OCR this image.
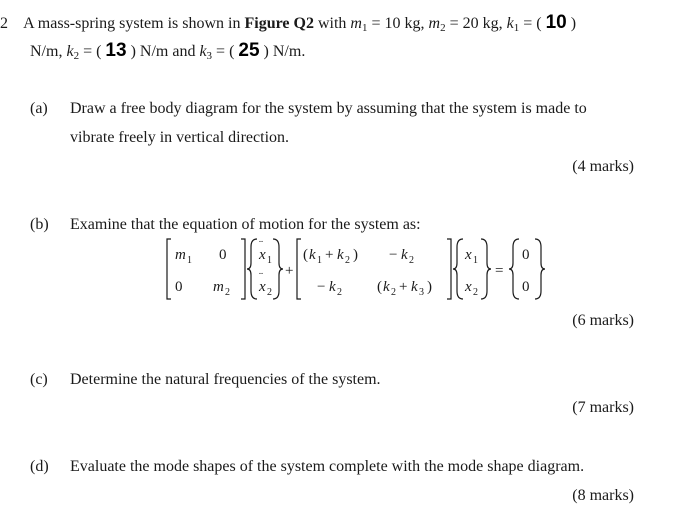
2 A mass-spring system is shown in Figure Q2 with $m_1 = 10$ kg, $m_2 = 20$ kg, $k_1$ = ( 10 )
N/m, $k_2$ = ( 13 ) N/m and $k_3$ = ( 25 ) N/m.
(a) Draw a free body diagram for the system by assuming that the system is made to
vibrate freely in vertical direction.
(4 marks)
(b) Examine that the equation of motion for the system as:
m 1 0
0 m 2
x 1
x 2
¨
¨ +
( k 1 + k 2 ) − k 2
− k 2 ( k 2 + k 3 )
x 1
x 2
=
0
0
(6 marks)
(c) Determine the natural frequencies of the system.
(7 marks)
(d) Evaluate the mode shapes of the system complete with the mode shape diagram.
(8 marks)
